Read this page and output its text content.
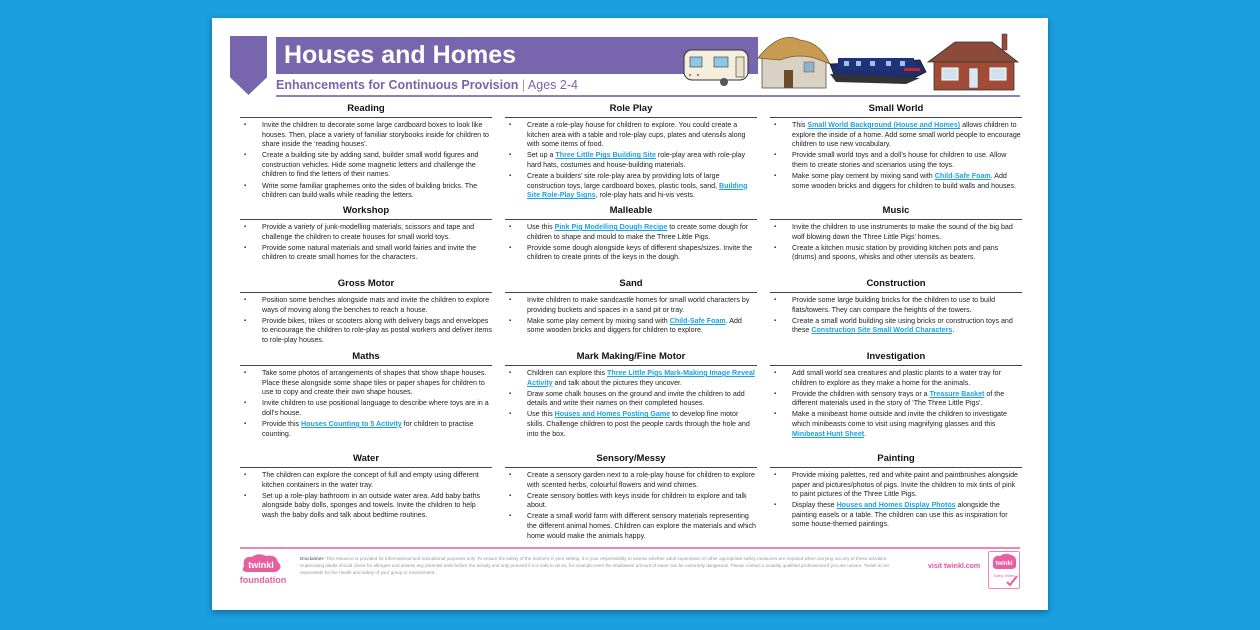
Houses and Homes
Enhancements for Continuous Provision | Ages 2-4
Reading
▪ Invite the children to decorate some large cardboard boxes to look like houses. Then, place a variety of familiar storybooks inside for children to share inside the ‘reading houses’.
▪ Create a building site by adding sand, builder small world figures and construction vehicles. Hide some magnetic letters and challenge the children to find the letters of their names.
▪ Write some familiar graphemes onto the sides of building bricks. The children can build walls while reading the letters.
Role Play
▪ Create a role-play house for children to explore. You could create a kitchen area with a table and role-play cups, plates and utensils along with some items of food.
▪ Set up a Three Little Pigs Building Site role-play area with role-play hard hats, costumes and house-building materials.
▪ Create a builders’ site role-play area by providing lots of large construction toys, large cardboard boxes, plastic tools, sand, Building Site Role-Play Signs, role-play hats and hi-vis vests.
Small World
▪ This Small World Background (House and Homes) allows children to explore the inside of a home. Add some small world people to encourage children to use new vocabulary.
▪ Provide small world toys and a doll’s house for children to use. Allow them to create stories and scenarios using the toys.
▪ Make some play cement by mixing sand with Child-Safe Foam. Add some wooden bricks and diggers for children to build walls and houses.
Workshop
▪ Provide a variety of junk-modelling materials, scissors and tape and challenge the children to create houses for small world toys.
▪ Provide some natural materials and small world fairies and invite the children to create small homes for the characters.
Malleable
▪ Use this Pink Pig Modelling Dough Recipe to create some dough for children to shape and mould to make the Three Little Pigs.
▪ Provide some dough alongside keys of different shapes/sizes. Invite the children to create prints of the keys in the dough.
Music
▪ Invite the children to use instruments to make the sound of the big bad wolf blowing down the Three Little Pigs’ homes.
▪ Create a kitchen music station by providing kitchen pots and pans (drums) and spoons, whisks and other utensils as beaters.
Gross Motor
▪ Position some benches alongside mats and invite the children to explore ways of moving along the benches to reach a house.
▪ Provide bikes, trikes or scooters along with delivery bags and envelopes to encourage the children to role-play as postal workers and deliver items to role-play houses.
Sand
▪ Invite children to make sandcastle homes for small world characters by providing buckets and spaces in a sand pit or tray.
▪ Make some play cement by mixing sand with Child-Safe Foam. Add some wooden bricks and diggers for children to explore.
Construction
▪ Provide some large building bricks for the children to use to build flats/towers. They can compare the heights of the towers.
▪ Create a small world building site using bricks or construction toys and these Construction Site Small World Characters.
Maths
▪ Take some photos of arrangements of shapes that show shape houses. Place these alongside some shape tiles or paper shapes for children to use to copy and create their own shape houses.
▪ Invite children to use positional language to describe where toys are in a doll’s house.
▪ Provide this Houses Counting to 5 Activity for children to practise counting.
Mark Making/Fine Motor
▪ Children can explore this Three Little Pigs Mark-Making Image Reveal Activity and talk about the pictures they uncover.
▪ Draw some chalk houses on the ground and invite the children to add details and write their names on their completed houses.
▪ Use this Houses and Homes Posting Game to develop fine motor skills. Challenge children to post the people cards through the hole and into the box.
Investigation
▪ Add small world sea creatures and plastic plants to a water tray for children to explore as they make a home for the animals.
▪ Provide the children with sensory trays or a Treasure Basket of the different materials used in the story of ‘The Three Little Pigs’.
▪ Make a minibeast home outside and invite the children to investigate which minibeasts come to visit using magnifying glasses and this Minibeast Hunt Sheet.
Water
▪ The children can explore the concept of full and empty using different kitchen containers in the water tray.
▪ Set up a role-play bathroom in an outside water area. Add baby baths alongside baby dolls, sponges and towels. Invite the children to help wash the baby dolls and talk about bedtime routines.
Sensory/Messy
▪ Create a sensory garden next to a role-play house for children to explore with scented herbs, colourful flowers and wind chimes.
▪ Create sensory bottles with keys inside for children to explore and talk about.
▪ Create a small world farm with different sensory materials representing the different animal homes. Children can explore the materials and which home would make the animals happy.
Painting
▪ Provide mixing palettes, red and white paint and paintbrushes alongside paper and pictures/photos of pigs. Invite the children to mix tints of pink to paint pictures of the Three Little Pigs.
▪ Display these Houses and Homes Display Photos alongside the painting easels or a table. The children can use this as inspiration for some house-themed paintings.
twinkl
foundation
Disclaimer: This resource is provided for informational and educational purposes only. To ensure the safety of the learners in your setting, it is your responsibility to assess whether adult supervision or other appropriate safety measures are required when carrying out any of these activities. Supervising adults should check for allergies and assess any potential risks before the activity and only proceed if it is safe to do so, for example even the shallowest amount of water can be extremely dangerous. Please contact a suitably qualified professional if you are unsure. Twinkl is not responsible for the health and safety of your group or environment.
visit twinkl.com	twinkl
Safety Tested
